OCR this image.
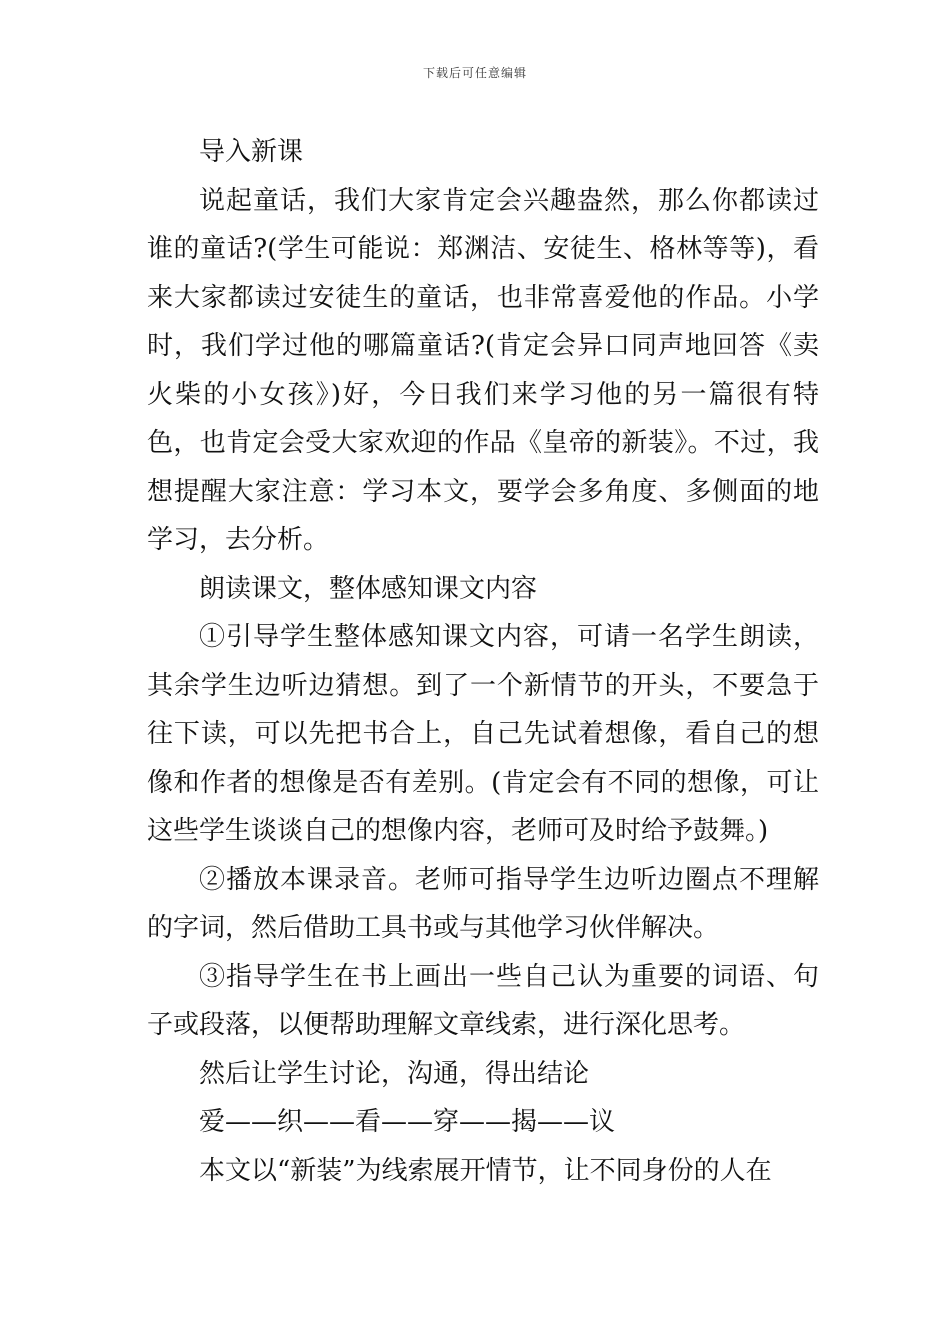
下载后可任意编辑

导入新课

说起童话，我们大家肯定会兴趣盎然，那么你都读过谁的童话?(学生可能说：郑渊洁、安徒生、格林等等)，看来大家都读过安徒生的童话，也非常喜爱他的作品。小学时，我们学过他的哪篇童话?(肯定会异口同声地回答《卖火柴的小女孩》)好，今日我们来学习他的另一篇很有特色，也肯定会受大家欢迎的作品《皇帝的新装》。不过，我想提醒大家注意：学习本文，要学会多角度、多侧面的地学习，去分析。

朗读课文，整体感知课文内容

①引导学生整体感知课文内容，可请一名学生朗读，其余学生边听边猜想。到了一个新情节的开头，不要急于往下读，可以先把书合上，自己先试着想像，看自己的想像和作者的想像是否有差别。(肯定会有不同的想像，可让这些学生谈谈自己的想像内容，老师可及时给予鼓舞。)

②播放本课录音。老师可指导学生边听边圈点不理解的字词，然后借助工具书或与其他学习伙伴解决。

③指导学生在书上画出一些自己认为重要的词语、句子或段落，以便帮助理解文章线索，进行深化思考。

然后让学生讨论，沟通，得出结论

爱——织——看——穿——揭——议

本文以“新装”为线索展开情节，让不同身份的人在
